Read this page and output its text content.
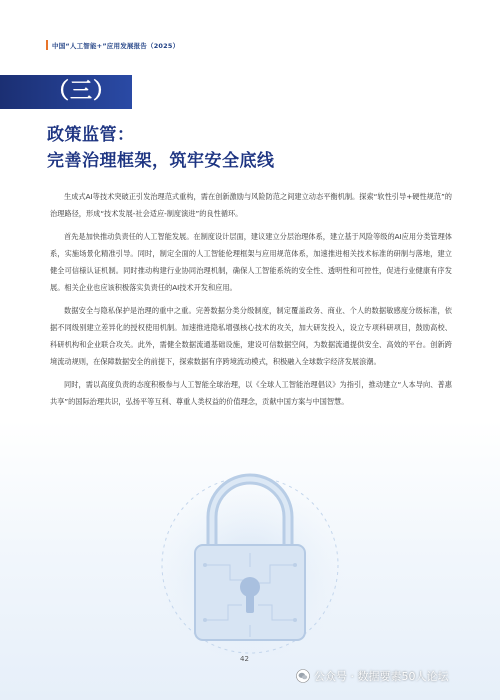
中国“人工智能+”应用发展报告（2025）
（三）
政策监管：
完善治理框架，筑牢安全底线

生成式AI等技术突破正引发治理范式重构，需在创新激励与风险防范之间建立动态平衡机制。探索“软性引导+硬性规范”的治理路径，形成“技术发展-社会适应-制度演进”的良性循环。

首先是加快推动负责任的人工智能发展。在制度设计层面，建议建立分层治理体系，建立基于风险等级的AI应用分类管理体系，实施场景化精准引导。同时，制定全面的人工智能伦理框架与应用规范体系，加速推进相关技术标准的研制与落地，建立健全可信様认证机制。同时推动构建行业协同治理机制，确保人工智能系统的安全性、透明性和可控性，促进行业健康有序发展。相关企业也应该积极落实负责任的AI技术开发和应用。

数据安全与隐私保护是治理的重中之重。完善数据分类分级制度，制定覆盖政务、商业、个人的数据敏感度分级标准，依据不同级别建立差异化的授权使用机制。加速推进隐私增强核心技术的攻关，加大研发投入，设立专项科研项目，鼓励高校、科研机构和企业联合攻关。此外，需健全数据流通基础设施，建设可信数据空间，为数据流通提供安全、高效的平台。创新跨境流动规则，在保障数据安全的前提下，探索数据有序跨境流动模式，积极融入全球数字经济发展浪潮。

同时，需以高度负责的态度积极参与人工智能全球治理，以《全球人工智能治理倡议》为指引，推动建立“人本导向、普惠共享”的国际治理共识，弘扬平等互利、尊重人类权益的价值理念，贡献中国方案与中国智慧。

42
公众号 · 数据要素50人论坛
